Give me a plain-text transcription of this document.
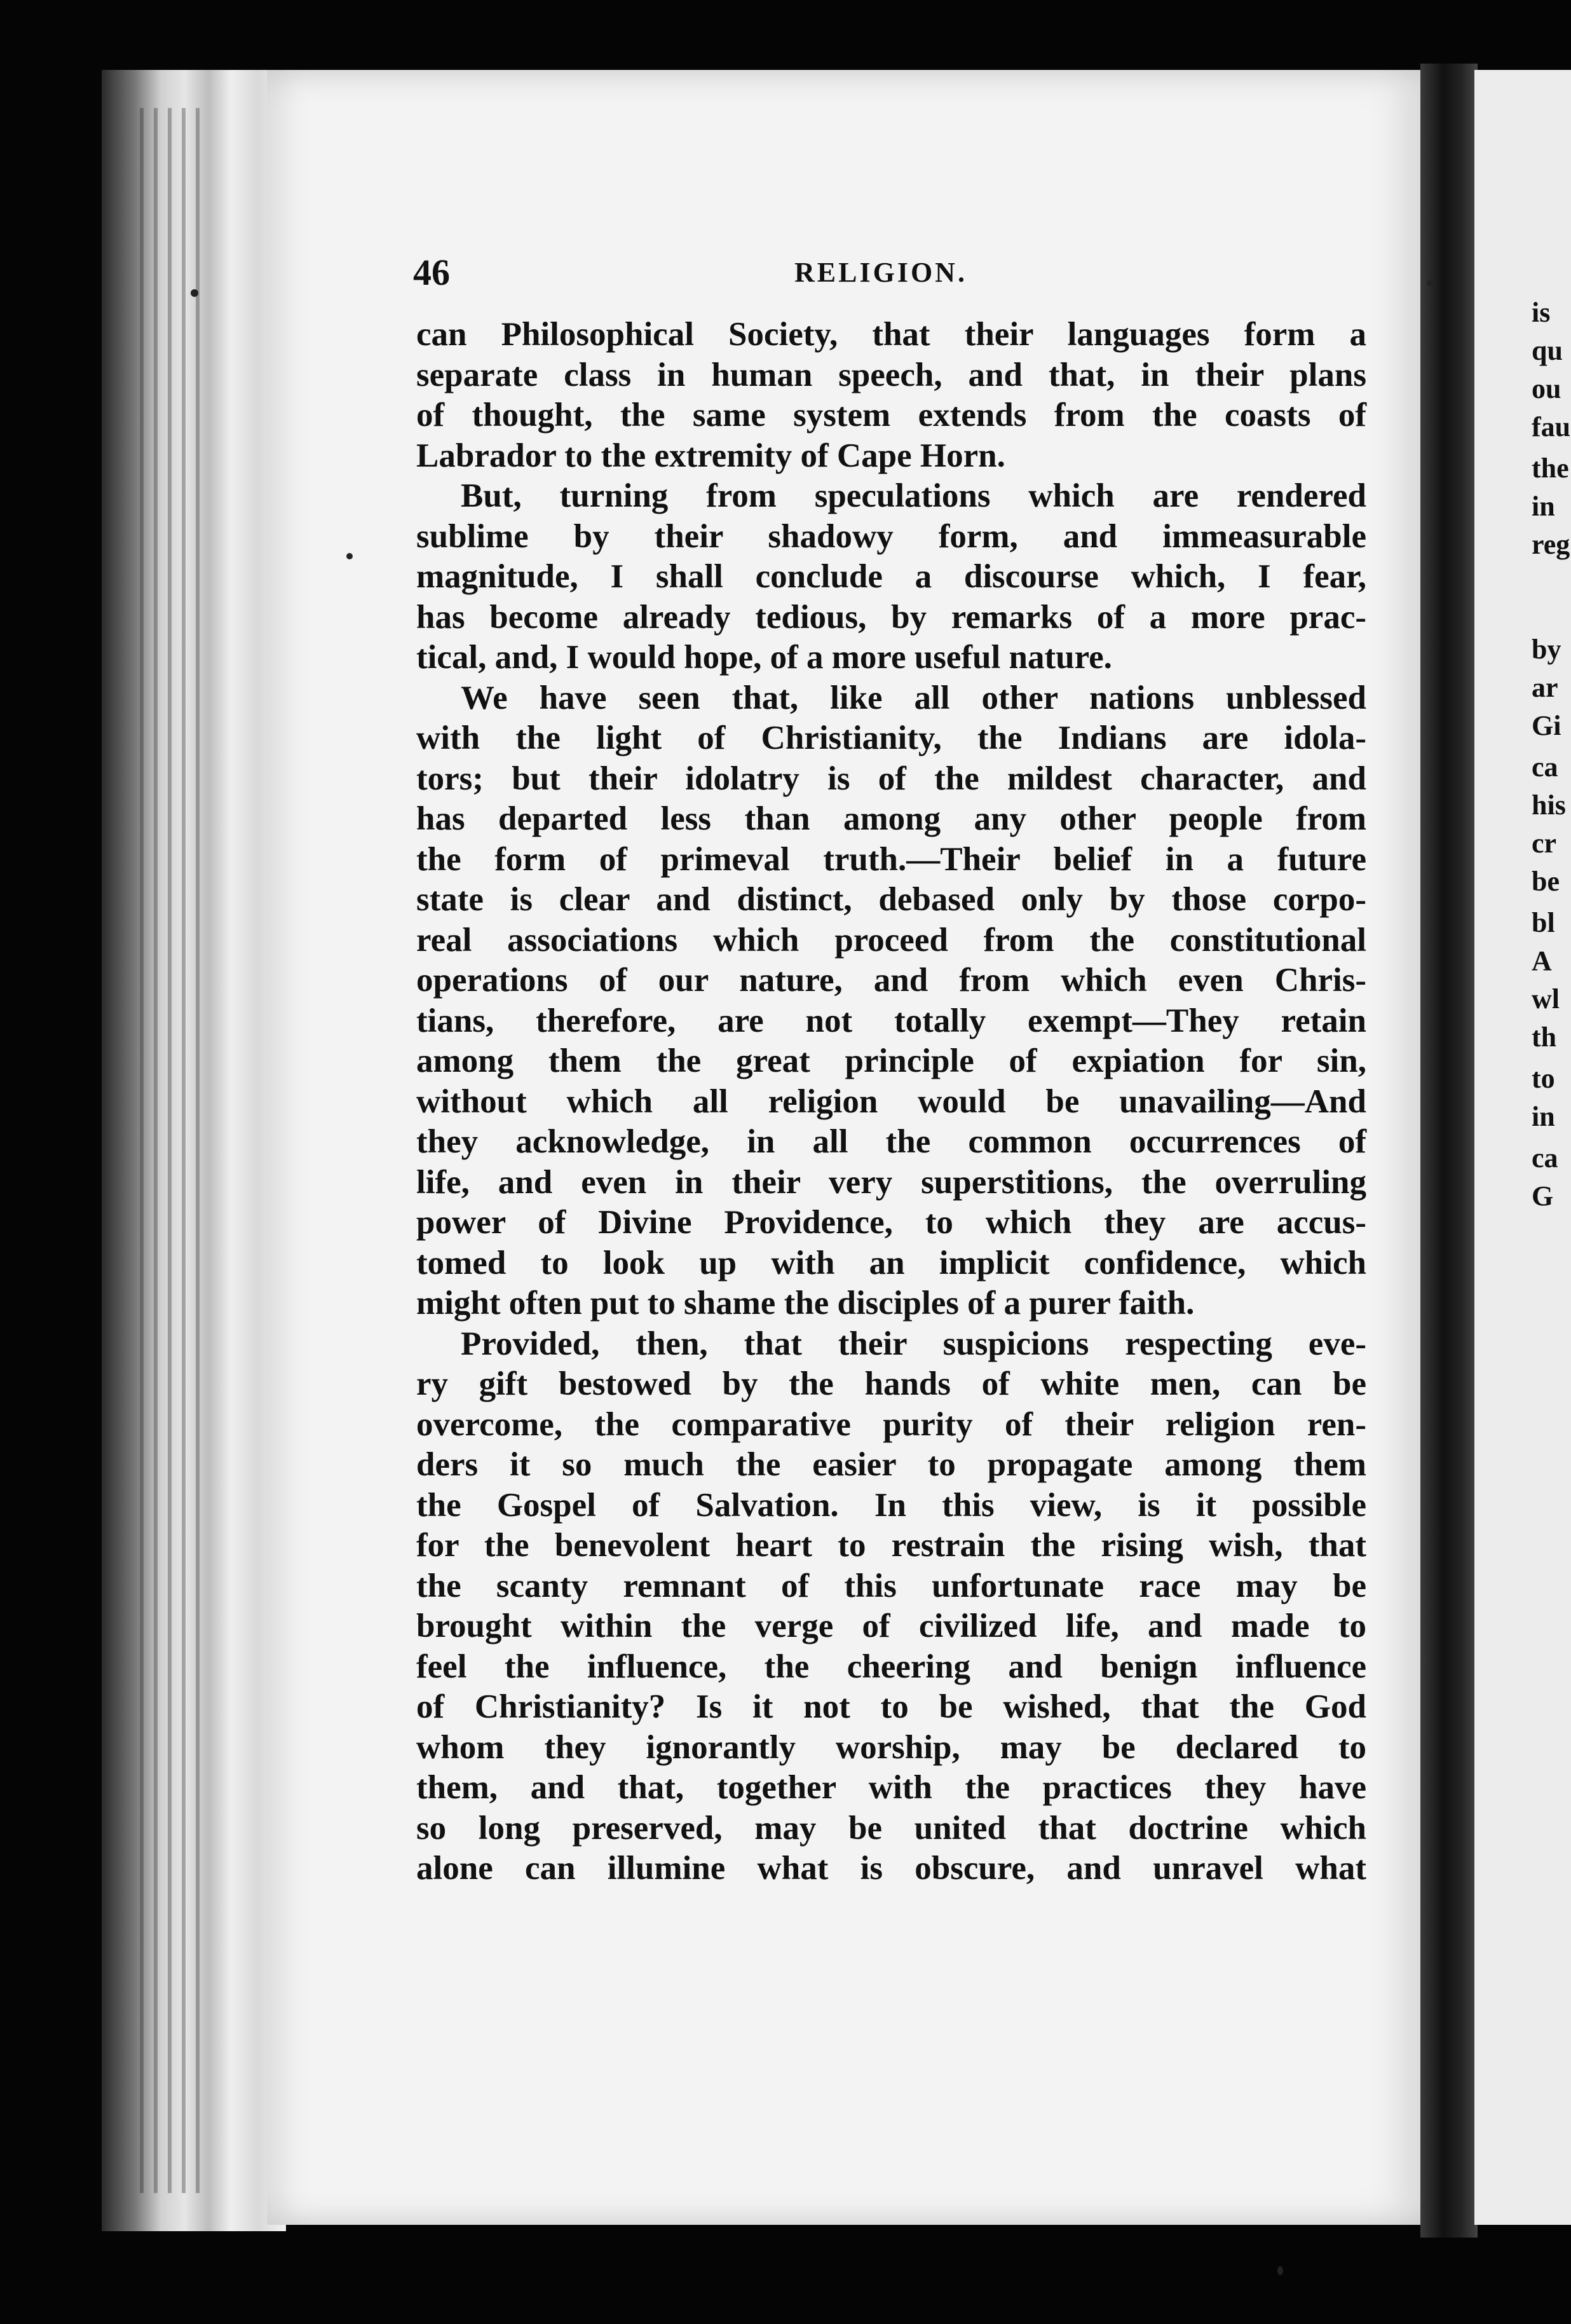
is
qu
ou
fau
the
in
reg
by
ar
Gi
ca
his
cr
be
bl
A
wl
th
to
in
ca
G
46	RELIGION.
can Philosophical Society, that their languages form a
separate class in human speech, and that, in their plans
of thought, the same system extends from the coasts of
Labrador to the extremity of Cape Horn.
But, turning from speculations which are rendered
sublime by their shadowy form, and immeasurable
magnitude, I shall conclude a discourse which, I fear,
has become already tedious, by remarks of a more prac-
tical, and, I would hope, of a more useful nature.
We have seen that, like all other nations unblessed
with the light of Christianity, the Indians are idola-
tors; but their idolatry is of the mildest character, and
has departed less than among any other people from
the form of primeval truth.—Their belief in a future
state is clear and distinct, debased only by those corpo-
real associations which proceed from the constitutional
operations of our nature, and from which even Chris-
tians, therefore, are not totally exempt—They retain
among them the great principle of expiation for sin,
without which all religion would be unavailing—And
they acknowledge, in all the common occurrences of
life, and even in their very superstitions, the overruling
power of Divine Providence, to which they are accus-
tomed to look up with an implicit confidence, which
might often put to shame the disciples of a purer faith.
Provided, then, that their suspicions respecting eve-
ry gift bestowed by the hands of white men, can be
overcome, the comparative purity of their religion ren-
ders it so much the easier to propagate among them
the Gospel of Salvation. In this view, is it possible
for the benevolent heart to restrain the rising wish, that
the scanty remnant of this unfortunate race may be
brought within the verge of civilized life, and made to
feel the influence, the cheering and benign influence
of Christianity? Is it not to be wished, that the God
whom they ignorantly worship, may be declared to
them, and that, together with the practices they have
so long preserved, may be united that doctrine which
alone can illumine what is obscure, and unravel what
